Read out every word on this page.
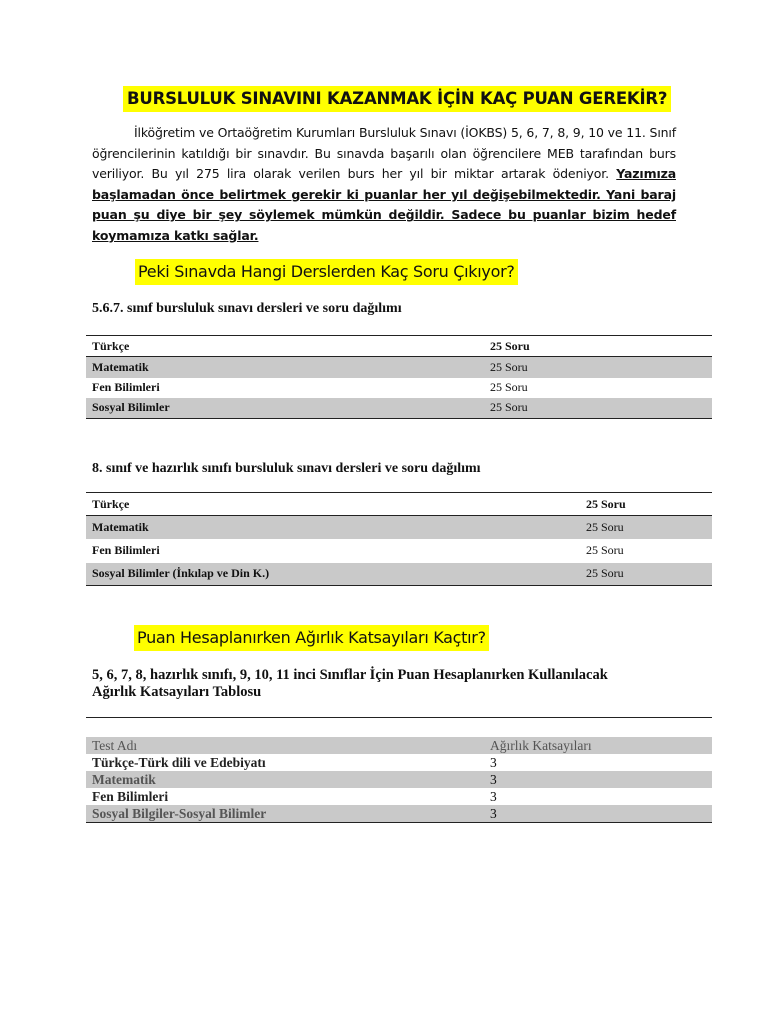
BURSLULUK SINAVINI KAZANMAK İÇİN KAÇ PUAN GEREKİR?
İlköğretim ve Ortaöğretim Kurumları Bursluluk Sınavı (İOKBS) 5, 6, 7, 8, 9, 10 ve 11. Sınıf öğrencilerinin katıldığı bir sınavdır. Bu sınavda başarılı olan öğrencilere MEB tarafından burs veriliyor. Bu yıl 275 lira olarak verilen burs her yıl bir miktar artarak ödeniyor. Yazımıza başlamadan önce belirtmek gerekir ki puanlar her yıl değişebilmektedir. Yani baraj puan şu diye bir şey söylemek mümkün değildir. Sadece bu puanlar bizim hedef koymamıza katkı sağlar.
Peki Sınavda Hangi Derslerden Kaç Soru Çıkıyor?
5.6.7. sınıf bursluluk sınavı dersleri ve soru dağılımı
Türkçe	25 Soru
Matematik	25 Soru
Fen Bilimleri	25 Soru
Sosyal Bilimler	25 Soru
8. sınıf ve hazırlık sınıfı bursluluk sınavı dersleri ve soru dağılımı
Türkçe	25 Soru
Matematik	25 Soru
Fen Bilimleri	25 Soru
Sosyal Bilimler (İnkılap ve Din K.)	25 Soru
Puan Hesaplanırken Ağırlık Katsayıları Kaçtır?
5, 6, 7, 8, hazırlık sınıfı, 9, 10, 11 inci Sınıflar İçin Puan Hesaplanırken Kullanılacak
Ağırlık Katsayıları Tablosu
Test Adı	Ağırlık Katsayıları
Türkçe-Türk dili ve Edebiyatı	3
Matematik	3
Fen Bilimleri	3
Sosyal Bilgiler-Sosyal Bilimler	3
